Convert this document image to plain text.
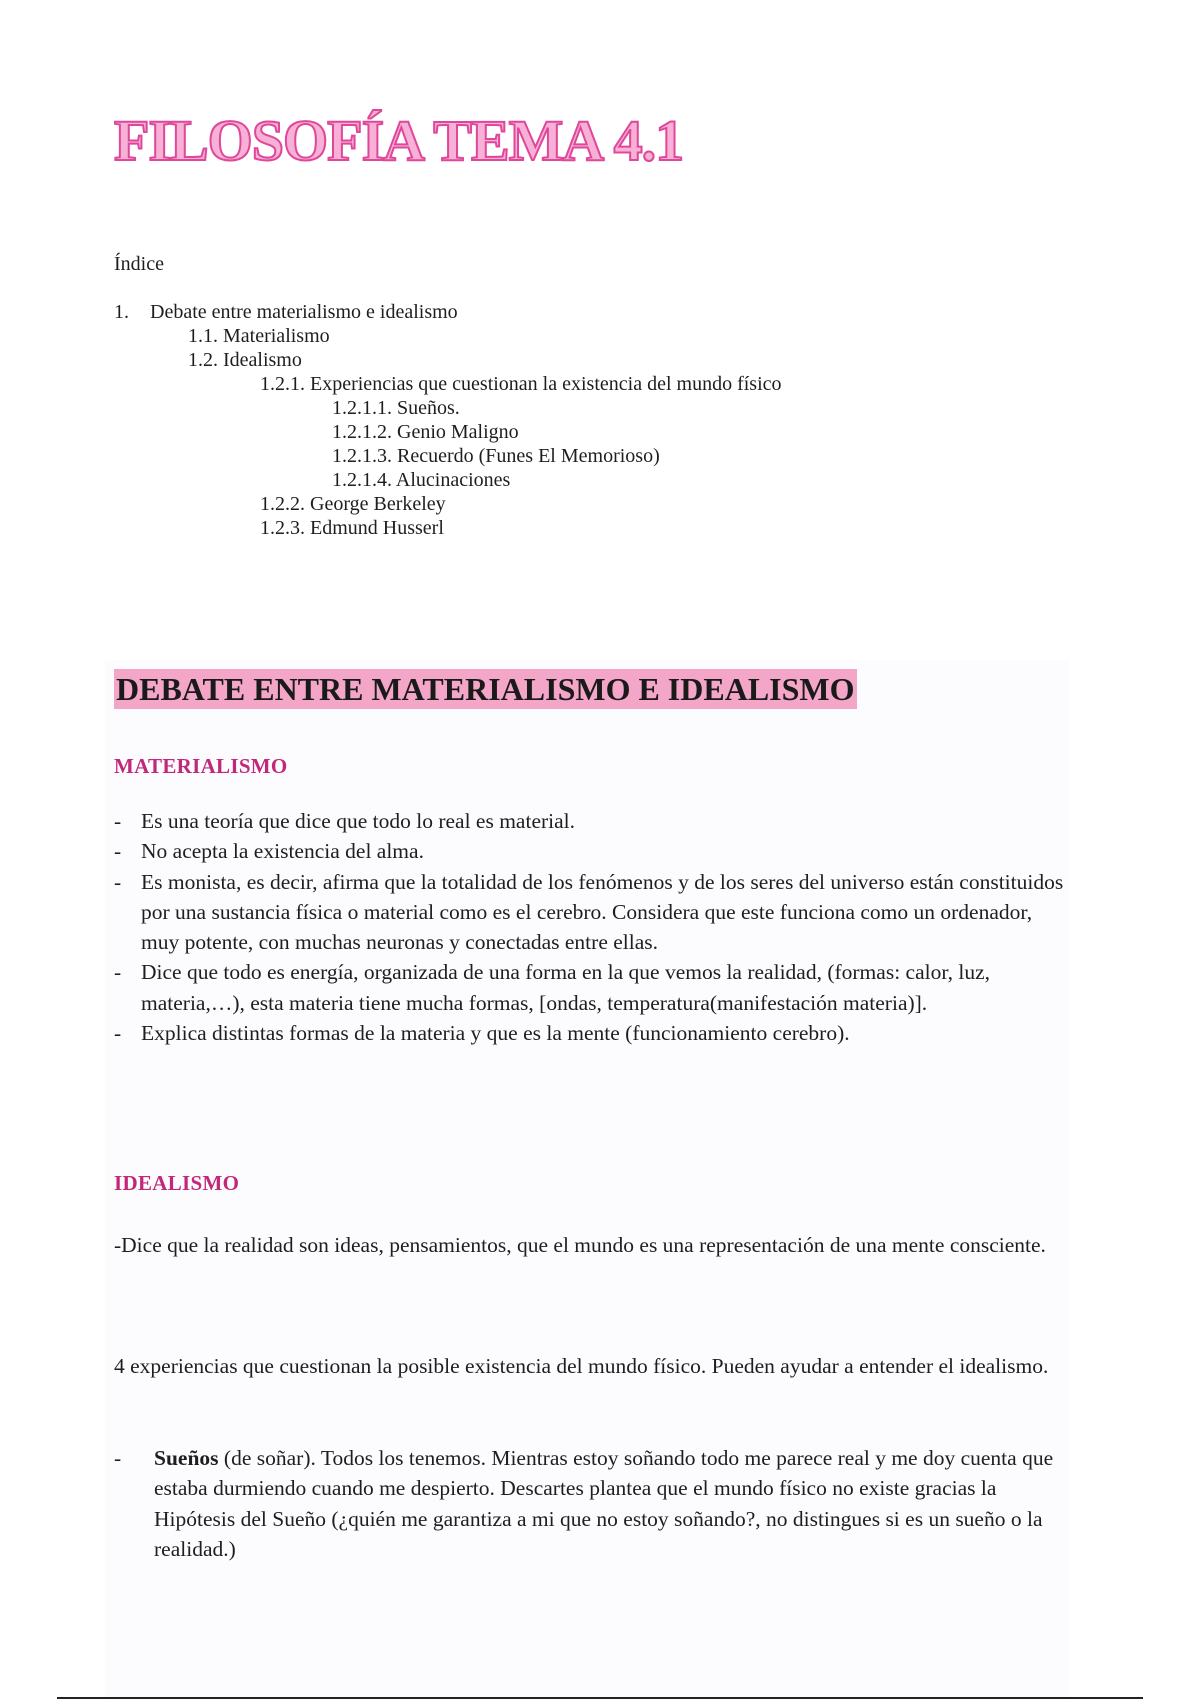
FILOSOFÍA TEMA 4.1
Índice
1. Debate entre materialismo e idealismo
1.1. Materialismo
1.2. Idealismo
1.2.1. Experiencias que cuestionan la existencia del mundo físico
1.2.1.1. Sueños.
1.2.1.2. Genio Maligno
1.2.1.3. Recuerdo (Funes El Memorioso)
1.2.1.4. Alucinaciones
1.2.2. George Berkeley
1.2.3. Edmund Husserl
DEBATE ENTRE MATERIALISMO E IDEALISMO
MATERIALISMO
- Es una teoría que dice que todo lo real es material.
- No acepta la existencia del alma.
- Es monista, es decir, afirma que la totalidad de los fenómenos y de los seres del universo están constituidos por una sustancia física o material como es el cerebro. Considera que este funciona como un ordenador, muy potente, con muchas neuronas y conectadas entre ellas.
- Dice que todo es energía, organizada de una forma en la que vemos la realidad, (formas: calor, luz, materia,…), esta materia tiene mucha formas, [ondas, temperatura(manifestación materia)].
- Explica distintas formas de la materia y que es la mente (funcionamiento cerebro).
IDEALISMO

-Dice que la realidad son ideas, pensamientos, que el mundo es una representación de una mente consciente.

4 experiencias que cuestionan la posible existencia del mundo físico. Pueden ayudar a entender el idealismo.

- Sueños (de soñar). Todos los tenemos. Mientras estoy soñando todo me parece real y me doy cuenta que estaba durmiendo cuando me despierto. Descartes plantea que el mundo físico no existe gracias la Hipótesis del Sueño (¿quién me garantiza a mi que no estoy soñando?, no distingues si es un sueño o la realidad.)
